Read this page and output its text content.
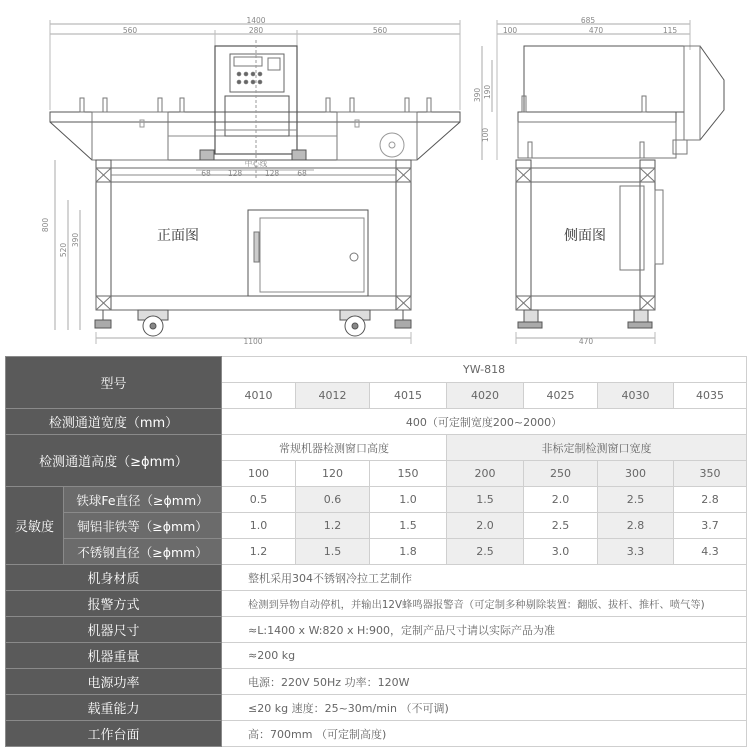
1400
560	280	560
中心线
68 128	128 68
800
520
390
1100
正面图
685
100	470	115
390 190
100
470
侧面图
型号		YW-818						
		4010	4012	4015	4020	4025	4030	4035
检测通道宽度（mm）		400（可定制宽度200~2000）						
检测通道高度（≥ϕmm）		常规机器检测窗口高度			非标定制检测窗口宽度			
		100	120	150	200	250	300	350
灵敏度	铁球Fe直径（≥ϕmm）	0.5	0.6	1.0	1.5	2.0	2.5	2.8
	铜铝非铁等（≥ϕmm）	1.0	1.2	1.5	2.0	2.5	2.8	3.7
	不锈钢直径（≥ϕmm）	1.2	1.5	1.8	2.5	3.0	3.3	4.3
机身材质		整机采用304不锈钢冷拉工艺制作						
报警方式		检测到异物自动停机，并输出12V蜂鸣器报警音（可定制多种剔除装置：翻版、拔杆、推杆、喷气等)						
机器尺寸		≈L:1400 x W:820 x H:900，定制产品尺寸请以实际产品为准						
机器重量		≈200 kg						
电源功率		电源：220V 50Hz 功率：120W						
载重能力		≤20 kg 速度：25~30m/min （不可调)						
工作台面		高：700mm （可定制高度)						
